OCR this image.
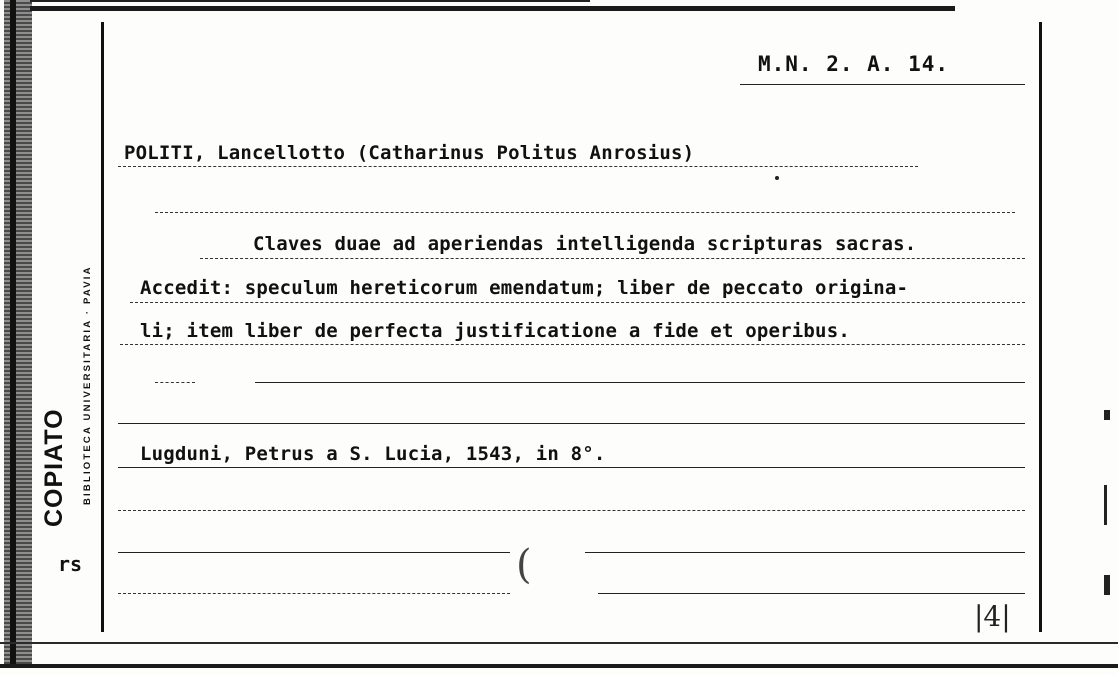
COPIATO BIBLIOTECA UNIVERSITARIA · PAVIA
rs
M.N. 2. A. 14.
POLITI, Lancellotto (Catharinus Politus Anrosius)
Claves duae ad aperiendas intelligenda scripturas sacras.
Accedit: speculum hereticorum emendatum; liber de peccato origina-
li; item liber de perfecta justificatione a fide et operibus.
Lugduni, Petrus a S. Lucia, 1543, in 8°.
(
|4|
